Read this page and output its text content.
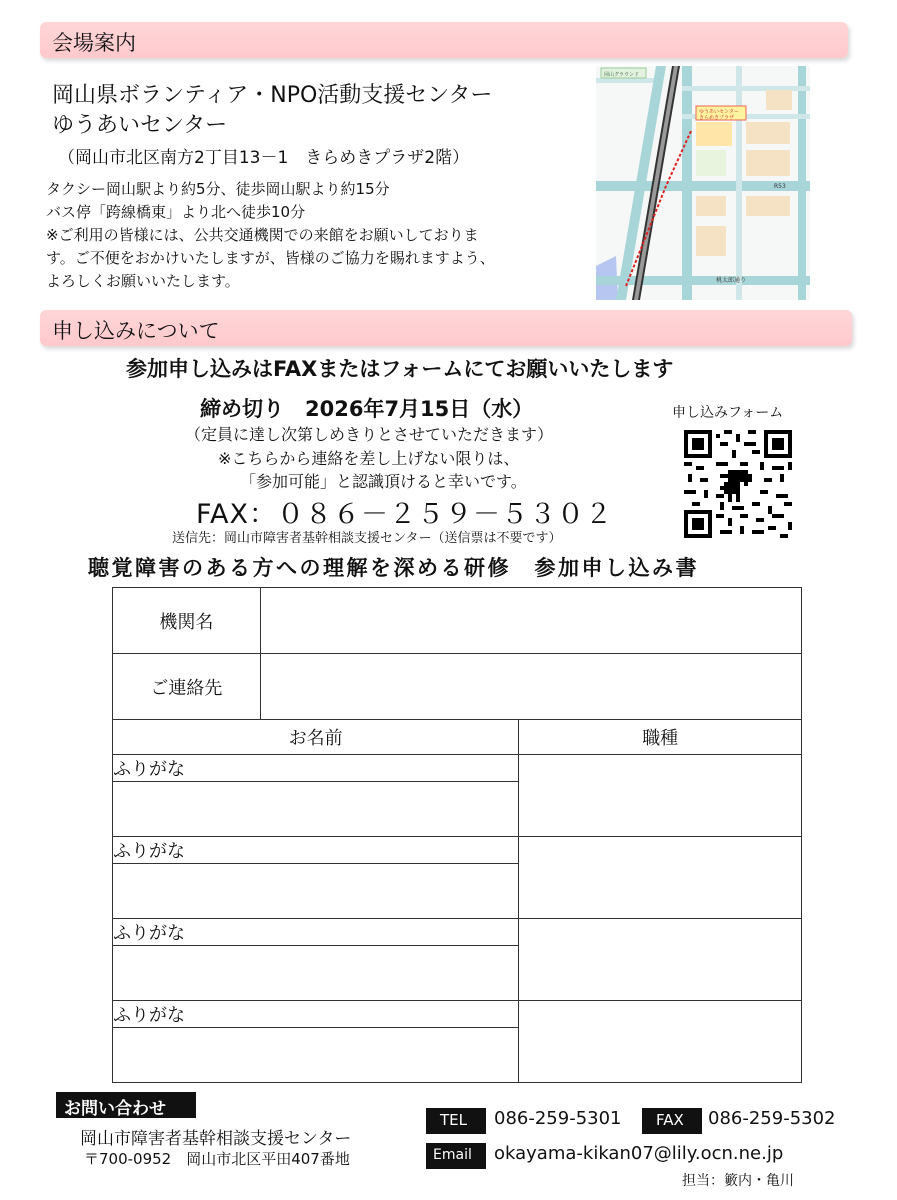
会場案内
岡山県ボランティア・NPO活動支援センター
ゆうあいセンター
（岡山市北区南方2丁目13－1　きらめきプラザ2階）
タクシー岡山駅より約5分、徒歩岡山駅より約15分
バス停「跨線橋東」より北へ徒歩10分
※ご利用の皆様には、公共交通機関での来館をお願いしておりま
す。ご不便をおかけいたしますが、皆様のご協力を賜れますよう、
よろしくお願いいたします。
岡山グラウンド
R53
桃太郎通り
ゆうあいセンター
きらめきプラザ
申し込みについて
参加申し込みはFAXまたはフォームにてお願いいたします
締め切り　2026年7月15日（水）	申し込みフォーム
（定員に達し次第しめきりとさせていただきます）
※こちらから連絡を差し上げない限りは、
「参加可能」と認識頂けると幸いです。
FAX：０８６－２５９－５３０２
送信先：岡山市障害者基幹相談支援センター（送信票は不要です）
聴覚障害のある方への理解を深める研修　参加申し込み書
機関名		
ご連絡先		
お名前		職種
ふりがな		

ふりがな		

ふりがな		

ふりがな		

お問い合わせ
岡山市障害者基幹相談支援センター
〒700-0952　岡山市北区平田407番地
TEL 086-259-5301 FAX 086-259-5302
Email okayama-kikan07@lily.ocn.ne.jp
担当：籔内・亀川
